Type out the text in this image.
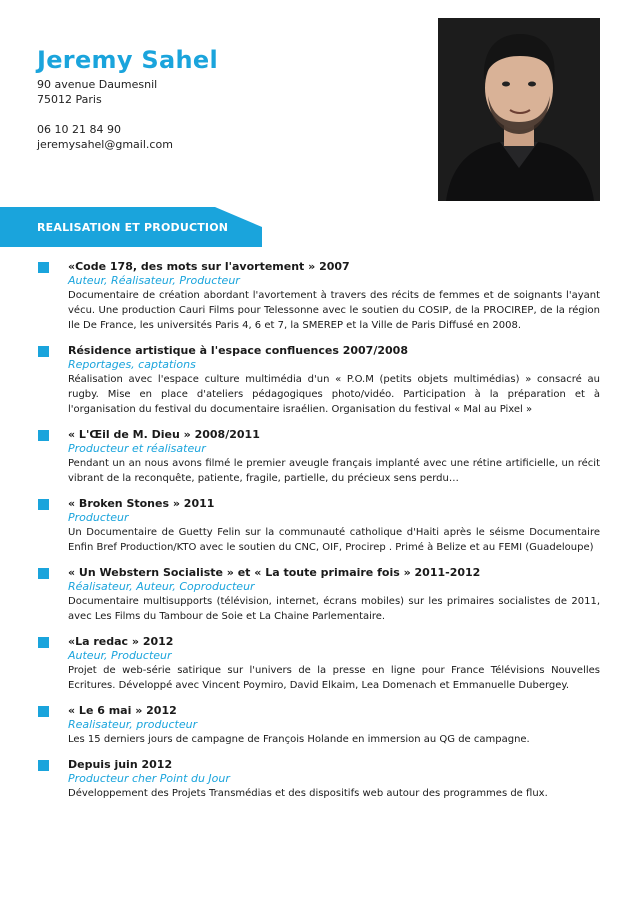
Jeremy Sahel
90 avenue Daumesnil
75012 Paris
06 10 21 84 90
jeremysahel@gmail.com
REALISATION ET PRODUCTION
«Code 178, des mots sur l'avortement » 2007
Auteur, Réalisateur, Producteur
Documentaire de création abordant l'avortement à travers des récits de femmes et de soignants l'ayant vécu. Une production Cauri Films pour Telessonne avec le soutien du COSIP, de la PROCIREP, de la région Ile De France, les universités Paris 4, 6 et 7, la SMEREP et la Ville de Paris Diffusé en 2008.
Résidence artistique à l'espace confluences 2007/2008
Reportages, captations
Réalisation avec l'espace culture multimédia d'un « P.O.M (petits objets multimédias) » consacré au rugby. Mise en place d'ateliers pédagogiques photo/vidéo. Participation à la préparation et à l'organisation du festival du documentaire israélien. Organisation du festival « Mal au Pixel »
« L'Œil de M. Dieu » 2008/2011
Producteur et réalisateur
Pendant un an nous avons filmé le premier aveugle français implanté avec une rétine artificielle, un récit vibrant de la reconquête, patiente, fragile, partielle, du précieux sens perdu…
« Broken Stones » 2011
Producteur
Un Documentaire de Guetty Felin sur la communauté catholique d'Haiti après le séisme Documentaire Enfin Bref Production/KTO avec le soutien du CNC, OIF, Procirep . Primé à Belize et au FEMI (Guadeloupe)
« Un Webstern Socialiste » et « La toute primaire fois » 2011-2012
Réalisateur, Auteur, Coproducteur
Documentaire multisupports (télévision, internet, écrans mobiles) sur les primaires socialistes de 2011, avec Les Films du Tambour de Soie et La Chaine Parlementaire.
«La redac » 2012
Auteur, Producteur
Projet de web-série satirique sur l'univers de la presse en ligne pour France Télévisions Nouvelles Ecritures. Développé avec Vincent Poymiro, David Elkaim, Lea Domenach et Emmanuelle Dubergey.
« Le 6 mai » 2012
Realisateur, producteur
Les 15 derniers jours de campagne de François Holande en immersion au QG de campagne.
Depuis juin 2012
Producteur cher Point du Jour
Développement des Projets Transmédias et des dispositifs web autour des programmes de flux.
